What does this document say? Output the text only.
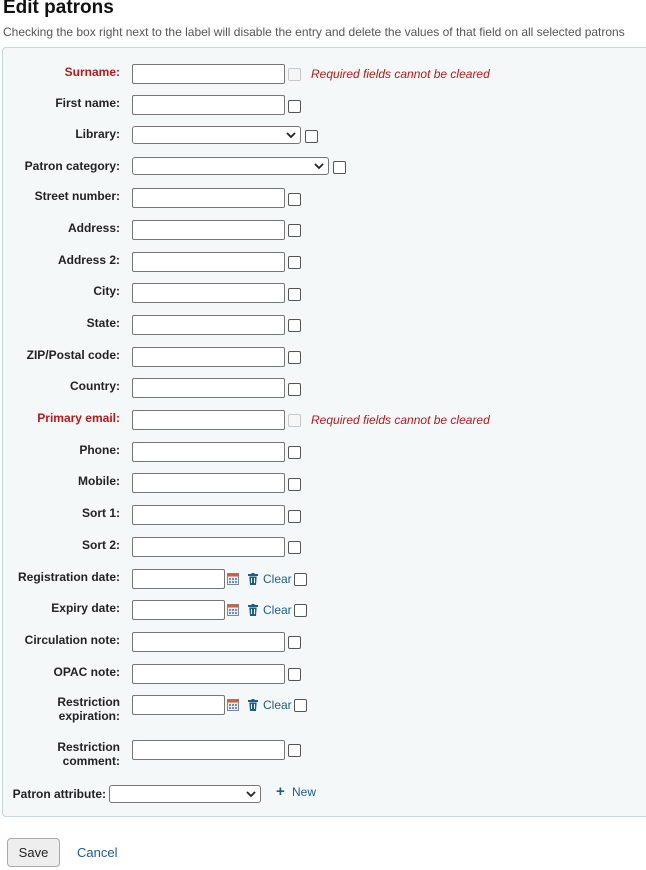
Edit patrons

Checking the box right next to the label will disable the entry and delete the values of that field on all selected patrons

Surname:	Required fields cannot be cleared
First name:
Library:
Patron category:
Street number:
Address:
Address 2:
City:
State:
ZIP/Postal code:
Country:
Primary email:	Required fields cannot be cleared
Phone:
Mobile:
Sort 1:
Sort 2:
Registration date:	Clear
Expiry date:	Clear
Circulation note:
OPAC note:
Restriction
expiration:
Clear
Restriction
comment:
Patron attribute:	+ New
Save	Cancel
